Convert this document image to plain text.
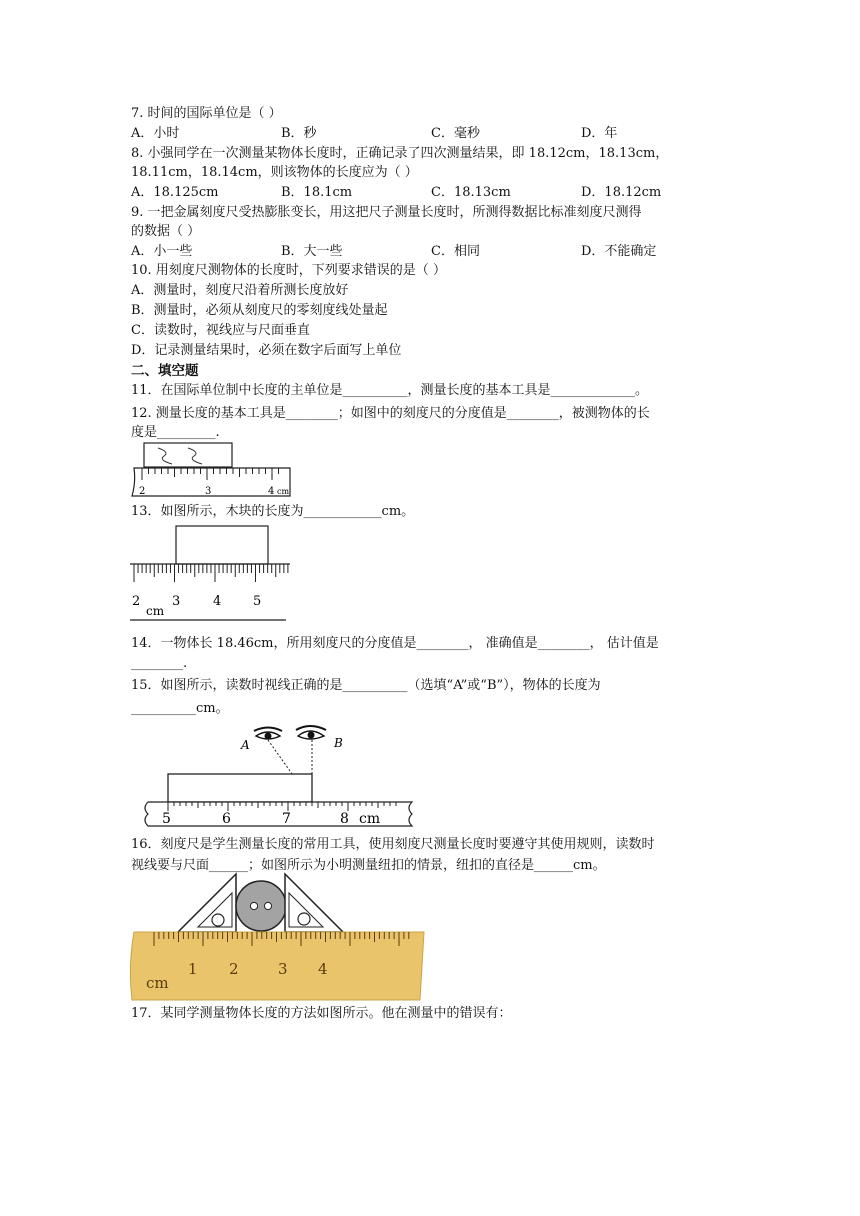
7. 时间的国际单位是（ ）
A．小时	B．秒	C．毫秒	D．年
8. 小强同学在一次测量某物体长度时，正确记录了四次测量结果，即 18.12cm，18.13cm，
18.11cm，18.14cm，则该物体的长度应为（ ）
A．18.125cm	B．18.1cm	C．18.13cm	D．18.12cm
9. 一把金属刻度尺受热膨胀变长，用这把尺子测量长度时，所测得数据比标准刻度尺测得
的数据（ ）
A．小一些	B．大一些	C．相同	D．不能确定
10. 用刻度尺测物体的长度时，下列要求错误的是（ ）
A．测量时，刻度尺沿着所测长度放好
B．测量时，必须从刻度尺的零刻度线处量起
C．读数时，视线应与尺面垂直
D．记录测量结果时，必须在数字后面写上单位
二、填空题
11．在国际单位制中长度的主单位是__________，测量长度的基本工具是_____________。
12. 测量长度的基本工具是________；如图中的刻度尺的分度值是________，被测物体的长
度是_________.
2	3	4 cm
13．如图所示，木块的长度为____________cm。
2 3	4 5
cm
14．一物体长 18.46cm，所用刻度尺的分度值是________， 准确值是________， 估计值是
________.
15．如图所示，读数时视线正确的是__________（选填“A”或“B”），物体的长度为
__________cm。
A	B
5	6	7	8 cm
16．刻度尺是学生测量长度的常用工具，使用刻度尺测量长度时要遵守其使用规则，读数时
视线要与尺面______；如图所示为小明测量纽扣的情景，纽扣的直径是______cm。
1 2	3 4
cm
17．某同学测量物体长度的方法如图所示。他在测量中的错误有：
